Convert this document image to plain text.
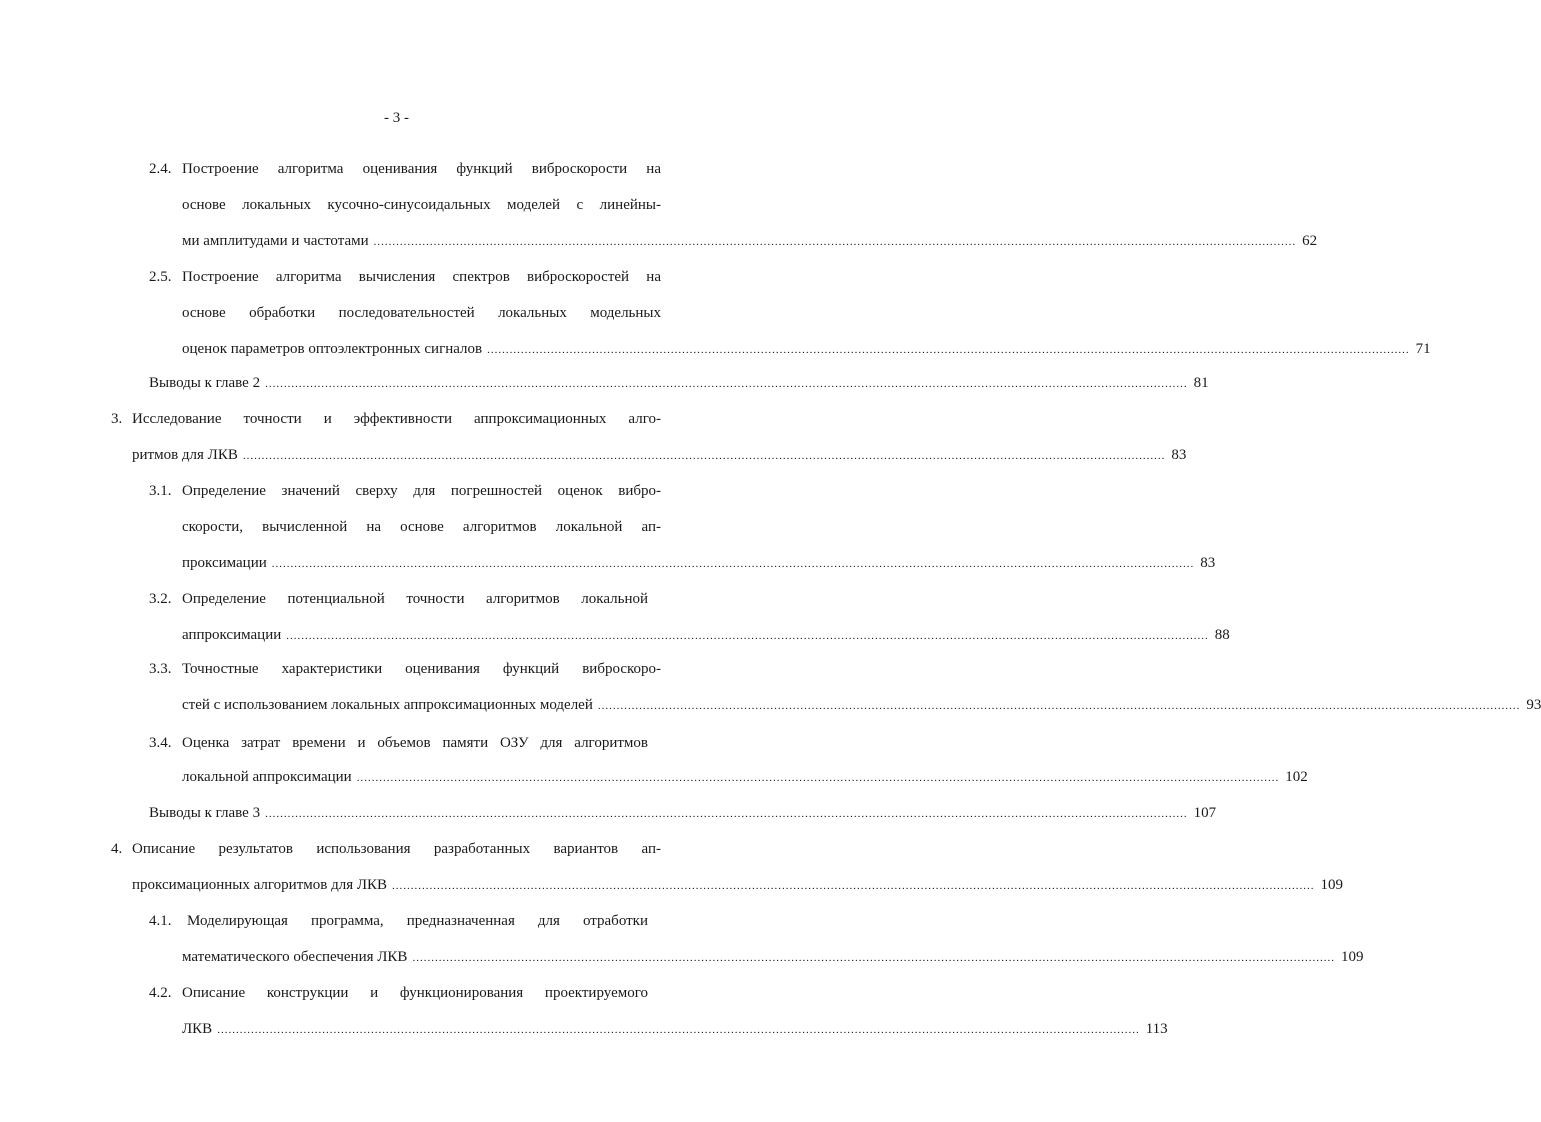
- 3 -
2.4. Построение алгоритма оценивания функций виброскорости на
основе локальных кусочно-синусоидальных моделей с линейны-
ми амплитудами и частотами ...................................................................................................................................................................................................................................................... 62
2.5. Построение алгоритма вычисления спектров виброскоростей на
основе обработки последовательностей локальных модельных
оценок параметров оптоэлектронных сигналов ...................................................................................................................................................................................................................................................... 71
Выводы к главе 2 ...................................................................................................................................................................................................................................................... 81
3. Исследование точности и эффективности аппроксимационных алго-
ритмов для ЛКВ ...................................................................................................................................................................................................................................................... 83
3.1. Определение значений сверху для погрешностей оценок вибро-
скорости, вычисленной на основе алгоритмов локальной ап-
проксимации ...................................................................................................................................................................................................................................................... 83
3.2. Определение потенциальной точности алгоритмов локальной
аппроксимации ...................................................................................................................................................................................................................................................... 88
3.3. Точностные характеристики оценивания функций виброскоро-
стей с использованием локальных аппроксимационных моделей ...................................................................................................................................................................................................................................................... 93
3.4. Оценка затрат времени и объемов памяти ОЗУ для алгоритмов
локальной аппроксимации ...................................................................................................................................................................................................................................................... 102
Выводы к главе 3 ...................................................................................................................................................................................................................................................... 107
4. Описание результатов использования разработанных вариантов ап-
проксимационных алгоритмов для ЛКВ ...................................................................................................................................................................................................................................................... 109
4.1.	Моделирующая программа, предназначенная для отработки
математического обеспечения ЛКВ ...................................................................................................................................................................................................................................................... 109
4.2. Описание конструкции и функционирования проектируемого
ЛКВ ...................................................................................................................................................................................................................................................... 113
